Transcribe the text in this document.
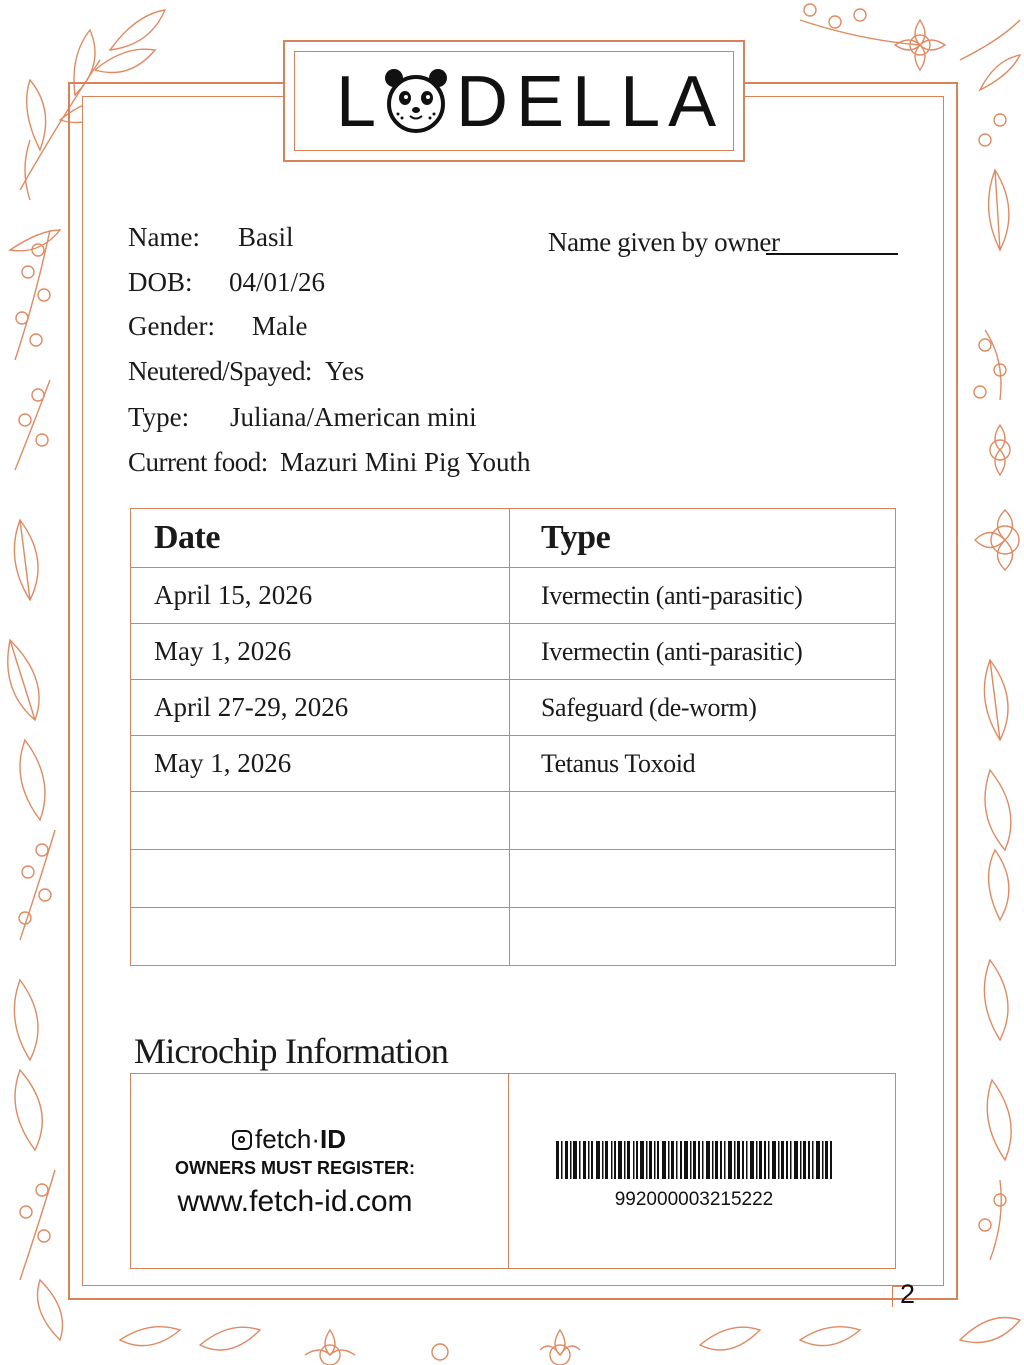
L DELLA
Name: Basil
DOB: 04/01/26
Gender: Male
Neutered/Spayed: Yes
Type: Juliana/American mini
Current food: Mazuri Mini Pig Youth
Name given by owner
Date	Type
April 15, 2026	Ivermectin (anti-parasitic)
May 1, 2026	Ivermectin (anti-parasitic)
April 27-29, 2026	Safeguard (de-worm)
May 1, 2026	Tetanus Toxoid

Microchip Information
fetch·ID
OWNERS MUST REGISTER:
www.fetch-id.com	992000003215222
2
